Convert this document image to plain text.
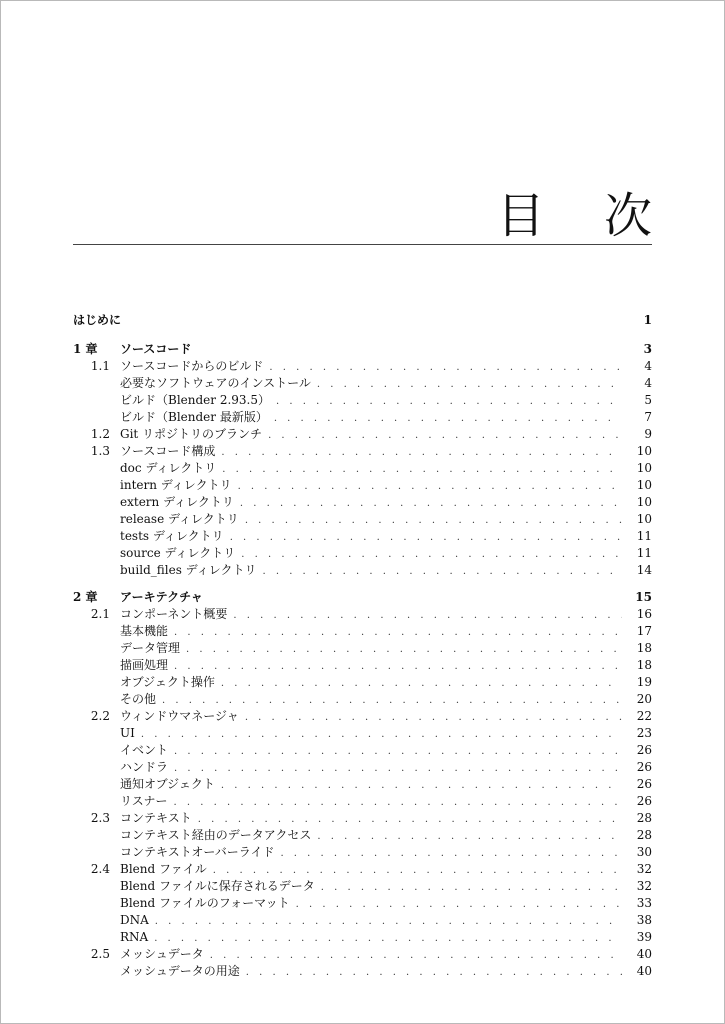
目 次
はじめに	1
1 章	ソースコード	3
1.1 ソースコードからのビルド . . .	4
必要なソフトウェアのインストール . . .	4
ビルド（Blender 2.93.5） . . .	5
ビルド（Blender 最新版） . . .	7
1.2 Git リポジトリのブランチ . . .	9
1.3 ソースコード構成 . . .	10
doc ディレクトリ . . .	10
intern ディレクトリ . . .	10
extern ディレクトリ . . .	10
release ディレクトリ . . .	10
tests ディレクトリ . . .	11
source ディレクトリ . . .	11
build_files ディレクトリ . . .	14
2 章	アーキテクチャ	15
2.1 コンポーネント概要 . . .	16
基本機能 . . .	17
データ管理 . . .	18
描画処理 . . .	18
オブジェクト操作 . . .	19
その他 . . .	20
2.2 ウィンドウマネージャ . . .	22
UI . . .	23
イベント . . .	26
ハンドラ . . .	26
通知オブジェクト . . .	26
リスナー . . .	26
2.3 コンテキスト . . .	28
コンテキスト経由のデータアクセス . . .	28
コンテキストオーバーライド . . .	30
2.4 Blend ファイル . . .	32
Blend ファイルに保存されるデータ . . .	32
Blend ファイルのフォーマット . . .	33
DNA . . .	38
RNA . . .	39
2.5 メッシュデータ . . .	40
メッシュデータの用途 . . .	40
